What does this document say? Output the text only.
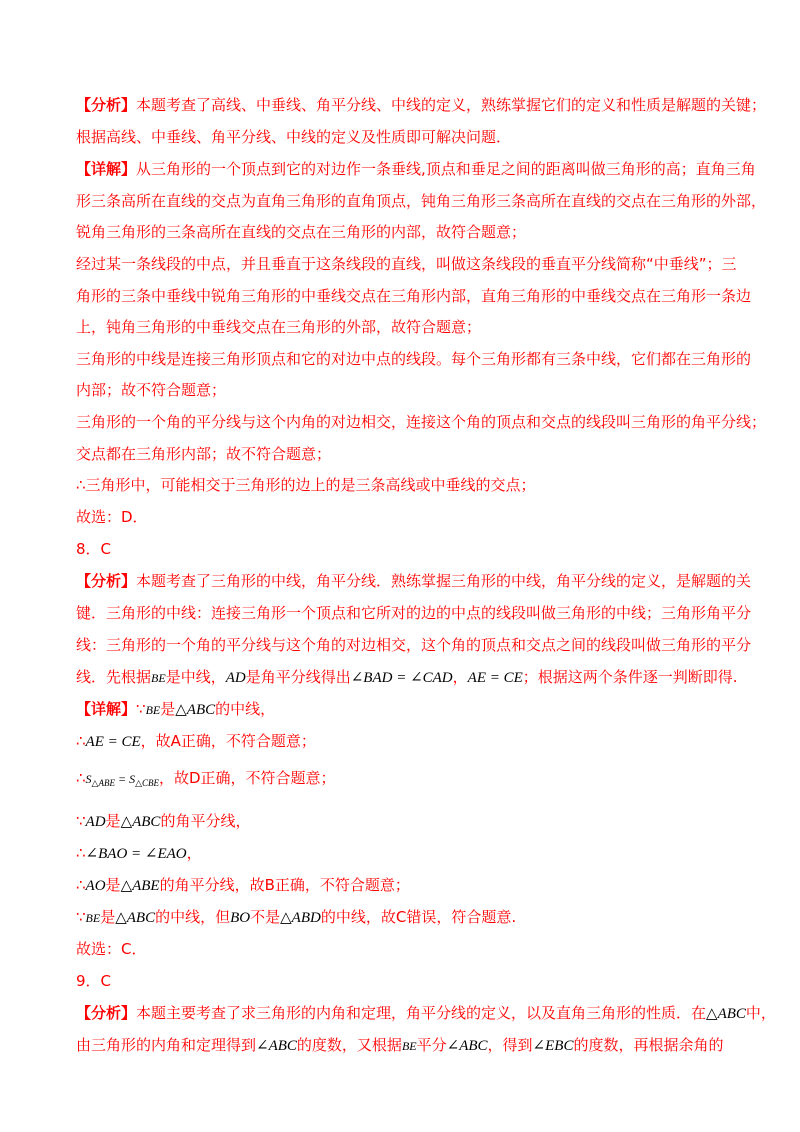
【分析】本题考查了高线、中垂线、角平分线、中线的定义，熟练掌握它们的定义和性质是解题的关键；
根据高线、中垂线、角平分线、中线的定义及性质即可解决问题．
【详解】从三角形的一个顶点到它的对边作一条垂线,顶点和垂足之间的距离叫做三角形的高；直角三角
形三条高所在直线的交点为直角三角形的直角顶点，钝角三角形三条高所在直线的交点在三角形的外部，
锐角三角形的三条高所在直线的交点在三角形的内部，故符合题意；
经过某一条线段的中点，并且垂直于这条线段的直线，叫做这条线段的垂直平分线简称“中垂线”；三
角形的三条中垂线中锐角三角形的中垂线交点在三角形内部，直角三角形的中垂线交点在三角形一条边
上，钝角三角形的中垂线交点在三角形的外部，故符合题意；
三角形的中线是连接三角形顶点和它的对边中点的线段。每个三角形都有三条中线，它们都在三角形的
内部；故不符合题意；
三角形的一个角的平分线与这个内角的对边相交，连接这个角的顶点和交点的线段叫三角形的角平分线；
交点都在三角形内部；故不符合题意；
∴三角形中，可能相交于三角形的边上的是三条高线或中垂线的交点；
故选：D．
8．C
【分析】本题考查了三角形的中线，角平分线．熟练掌握三角形的中线，角平分线的定义，是解题的关
键．三角形的中线：连接三角形一个顶点和它所对的边的中点的线段叫做三角形的中线；三角形角平分
线：三角形的一个角的平分线与这个角的对边相交，这个角的顶点和交点之间的线段叫做三角形的平分
线．先根据BE是中线，AD是角平分线得出∠BAD = ∠CAD，AE = CE；根据这两个条件逐一判断即得.
【详解】∵BE是△ABC的中线，
∴AE = CE，故A正确，不符合题意；
$\therefore S_{\triangle ABE} = S_{\triangle CBE}$，故D正确，不符合题意；
∵AD是△ABC的角平分线，
∴∠BAO = ∠EAO，
∴AO是△ABE的角平分线，故B正确，不符合题意；
∵BE是△ABC的中线，但BO不是△ABD的中线，故C错误，符合题意.
故选：C．
9．C
【分析】本题主要考查了求三角形的内角和定理，角平分线的定义，以及直角三角形的性质．在△ABC中，
由三角形的内角和定理得到∠ABC的度数，又根据BE平分∠ABC，得到∠EBC的度数，再根据余角的
